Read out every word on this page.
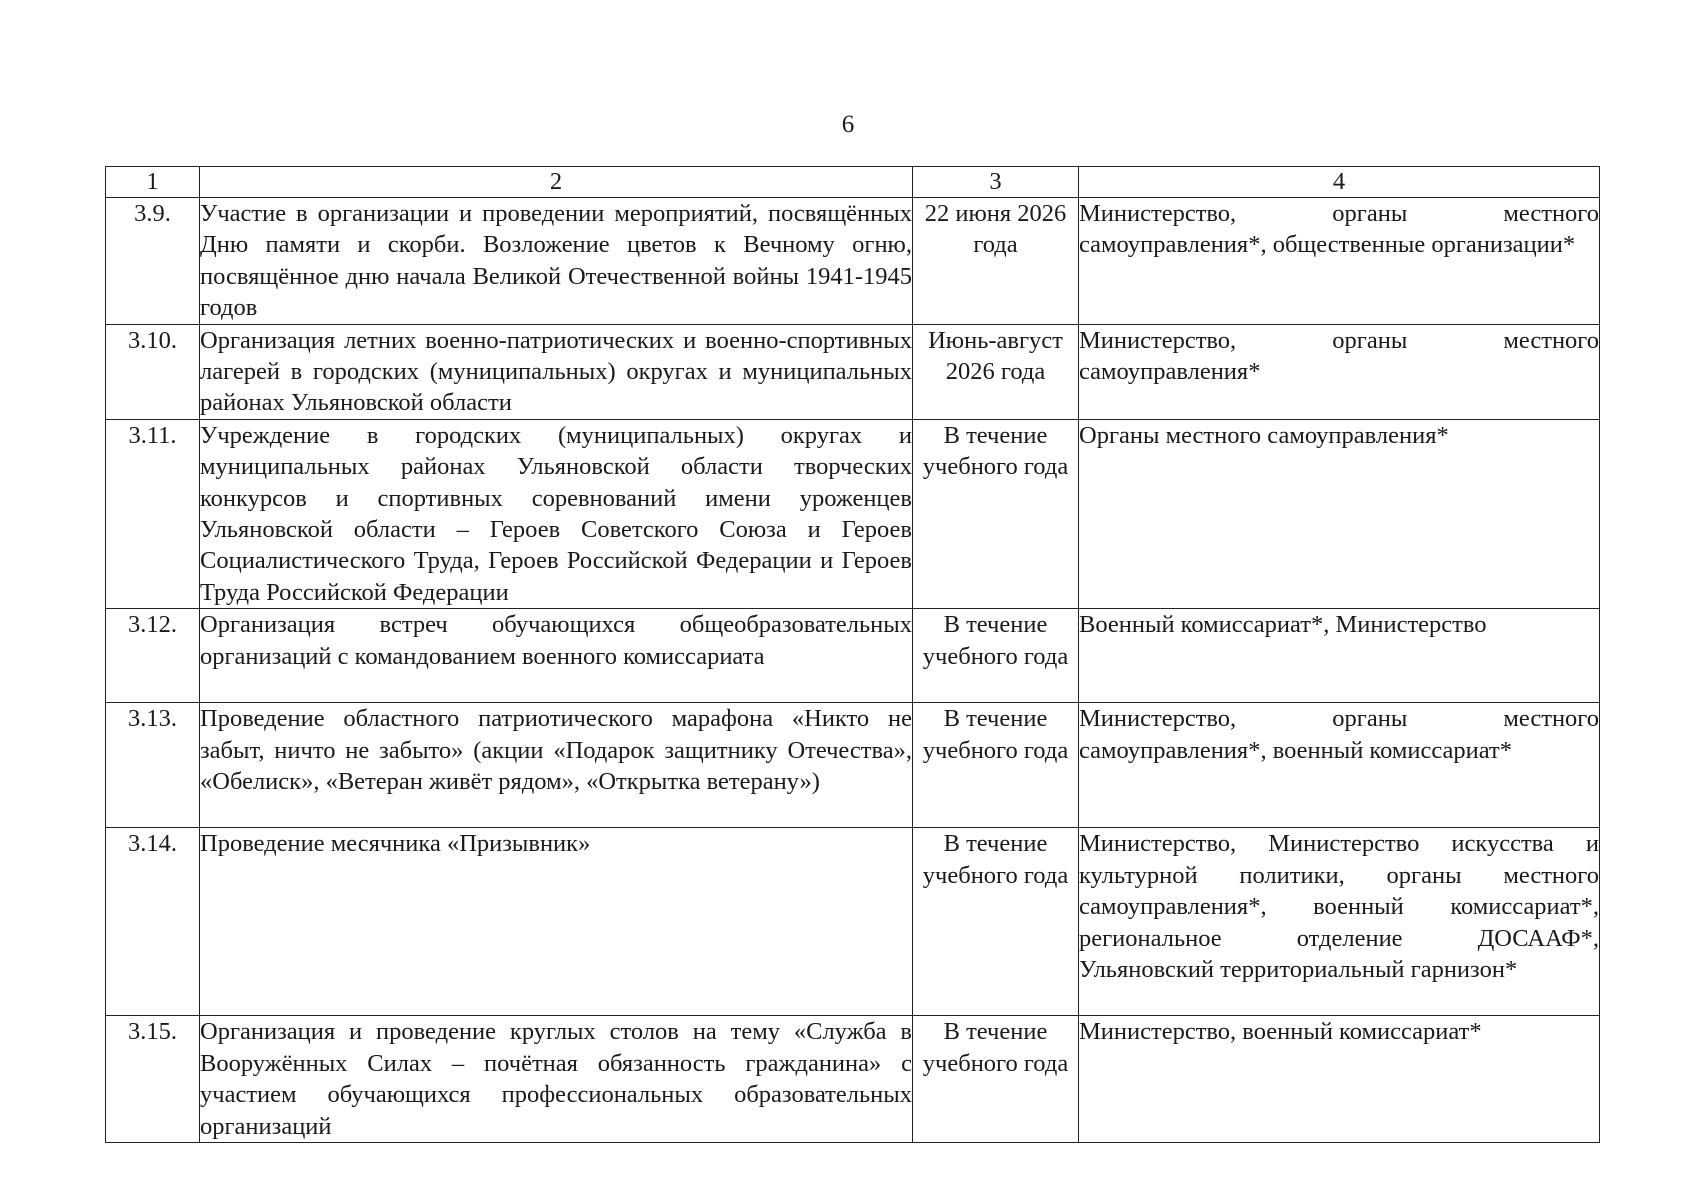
6
1	2	3	4
3.9.	Участие в организации и проведении мероприятий, посвящённых Дню памяти и скорби. Возложение цветов к Вечному огню, посвящённое дню начала Великой Отечественной войны 1941-1945 годов	22 июня 2026 года	Министерство, органы местного самоуправления*, общественные организации*
3.10.	Организация летних военно-патриотических и военно-спортивных лагерей в городских (муниципальных) округах и муниципальных районах Ульяновской области	Июнь-август 2026 года	Министерство, органы местного самоуправления*
3.11.	Учреждение в городских (муниципальных) округах и муниципальных районах Ульяновской области творческих конкурсов и спортивных соревнований имени уроженцев Ульяновской области – Героев Советского Союза и Героев Социалистического Труда, Героев Российской Федерации и Героев Труда Российской Федерации	В течение учебного года	Органы местного самоуправления*
3.12.	Организация встреч обучающихся общеобразовательных организаций с командованием военного комиссариата	В течение учебного года	Военный комиссариат*, Министерство
3.13.	Проведение областного патриотического марафона «Никто не забыт, ничто не забыто» (акции «Подарок защитнику Отечества», «Обелиск», «Ветеран живёт рядом», «Открытка ветерану»)	В течение учебного года	Министерство, органы местного самоуправления*, военный комиссариат*
3.14.	Проведение месячника «Призывник»	В течение учебного года	Министерство, Министерство искусства и культурной политики, органы местного самоуправления*, военный комиссариат*, региональное отделение ДОСААФ*, Ульяновский территориальный гарнизон*
3.15.	Организация и проведение круглых столов на тему «Служба в Вооружённых Силах – почётная обязанность гражданина» с участием обучающихся профессиональных образовательных организаций	В течение учебного года	Министерство, военный комиссариат*
